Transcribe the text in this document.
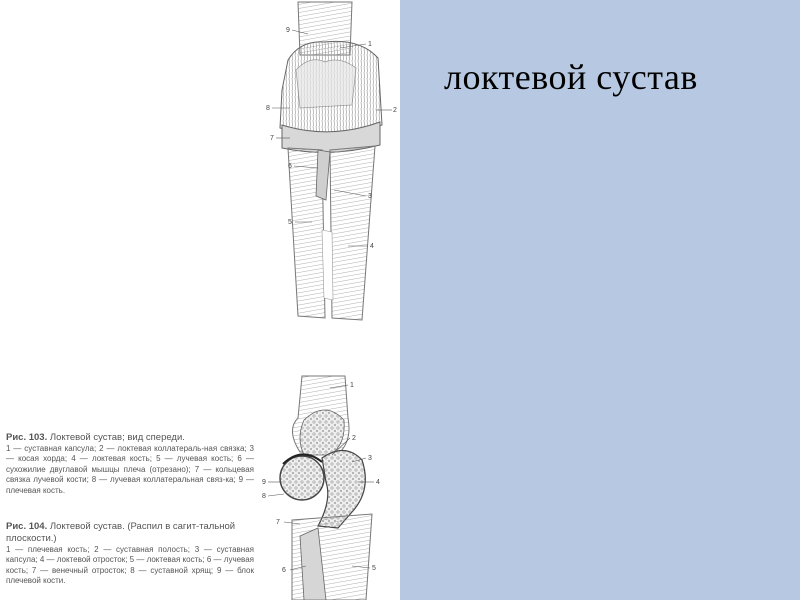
локтевой сустав
9
1
2
3
4
5
6
7
8
1
2
3
4
5
6
7
8
9
Рис. 103. Локтевой сустав; вид спереди.
1 — суставная капсула; 2 — локтевая коллатераль-ная связка; 3 — косая хорда; 4 — локтевая кость; 5 — лучевая кость; 6 — сухожилие двуглавой мышцы плеча (отрезано); 7 — кольцевая связка лучевой кости; 8 — лучевая коллатеральная связ-ка; 9 — плечевая кость.
Рис. 104. Локтевой сустав. (Распил в сагит-тальной плоскости.)
1 — плечевая кость; 2 — суставная полость; 3 — суставная капсула; 4 — локтевой отросток; 5 — локтевая кость; 6 — лучевая кость; 7 — венечный отросток; 8 — суставной хрящ; 9 — блок плечевой кости.
